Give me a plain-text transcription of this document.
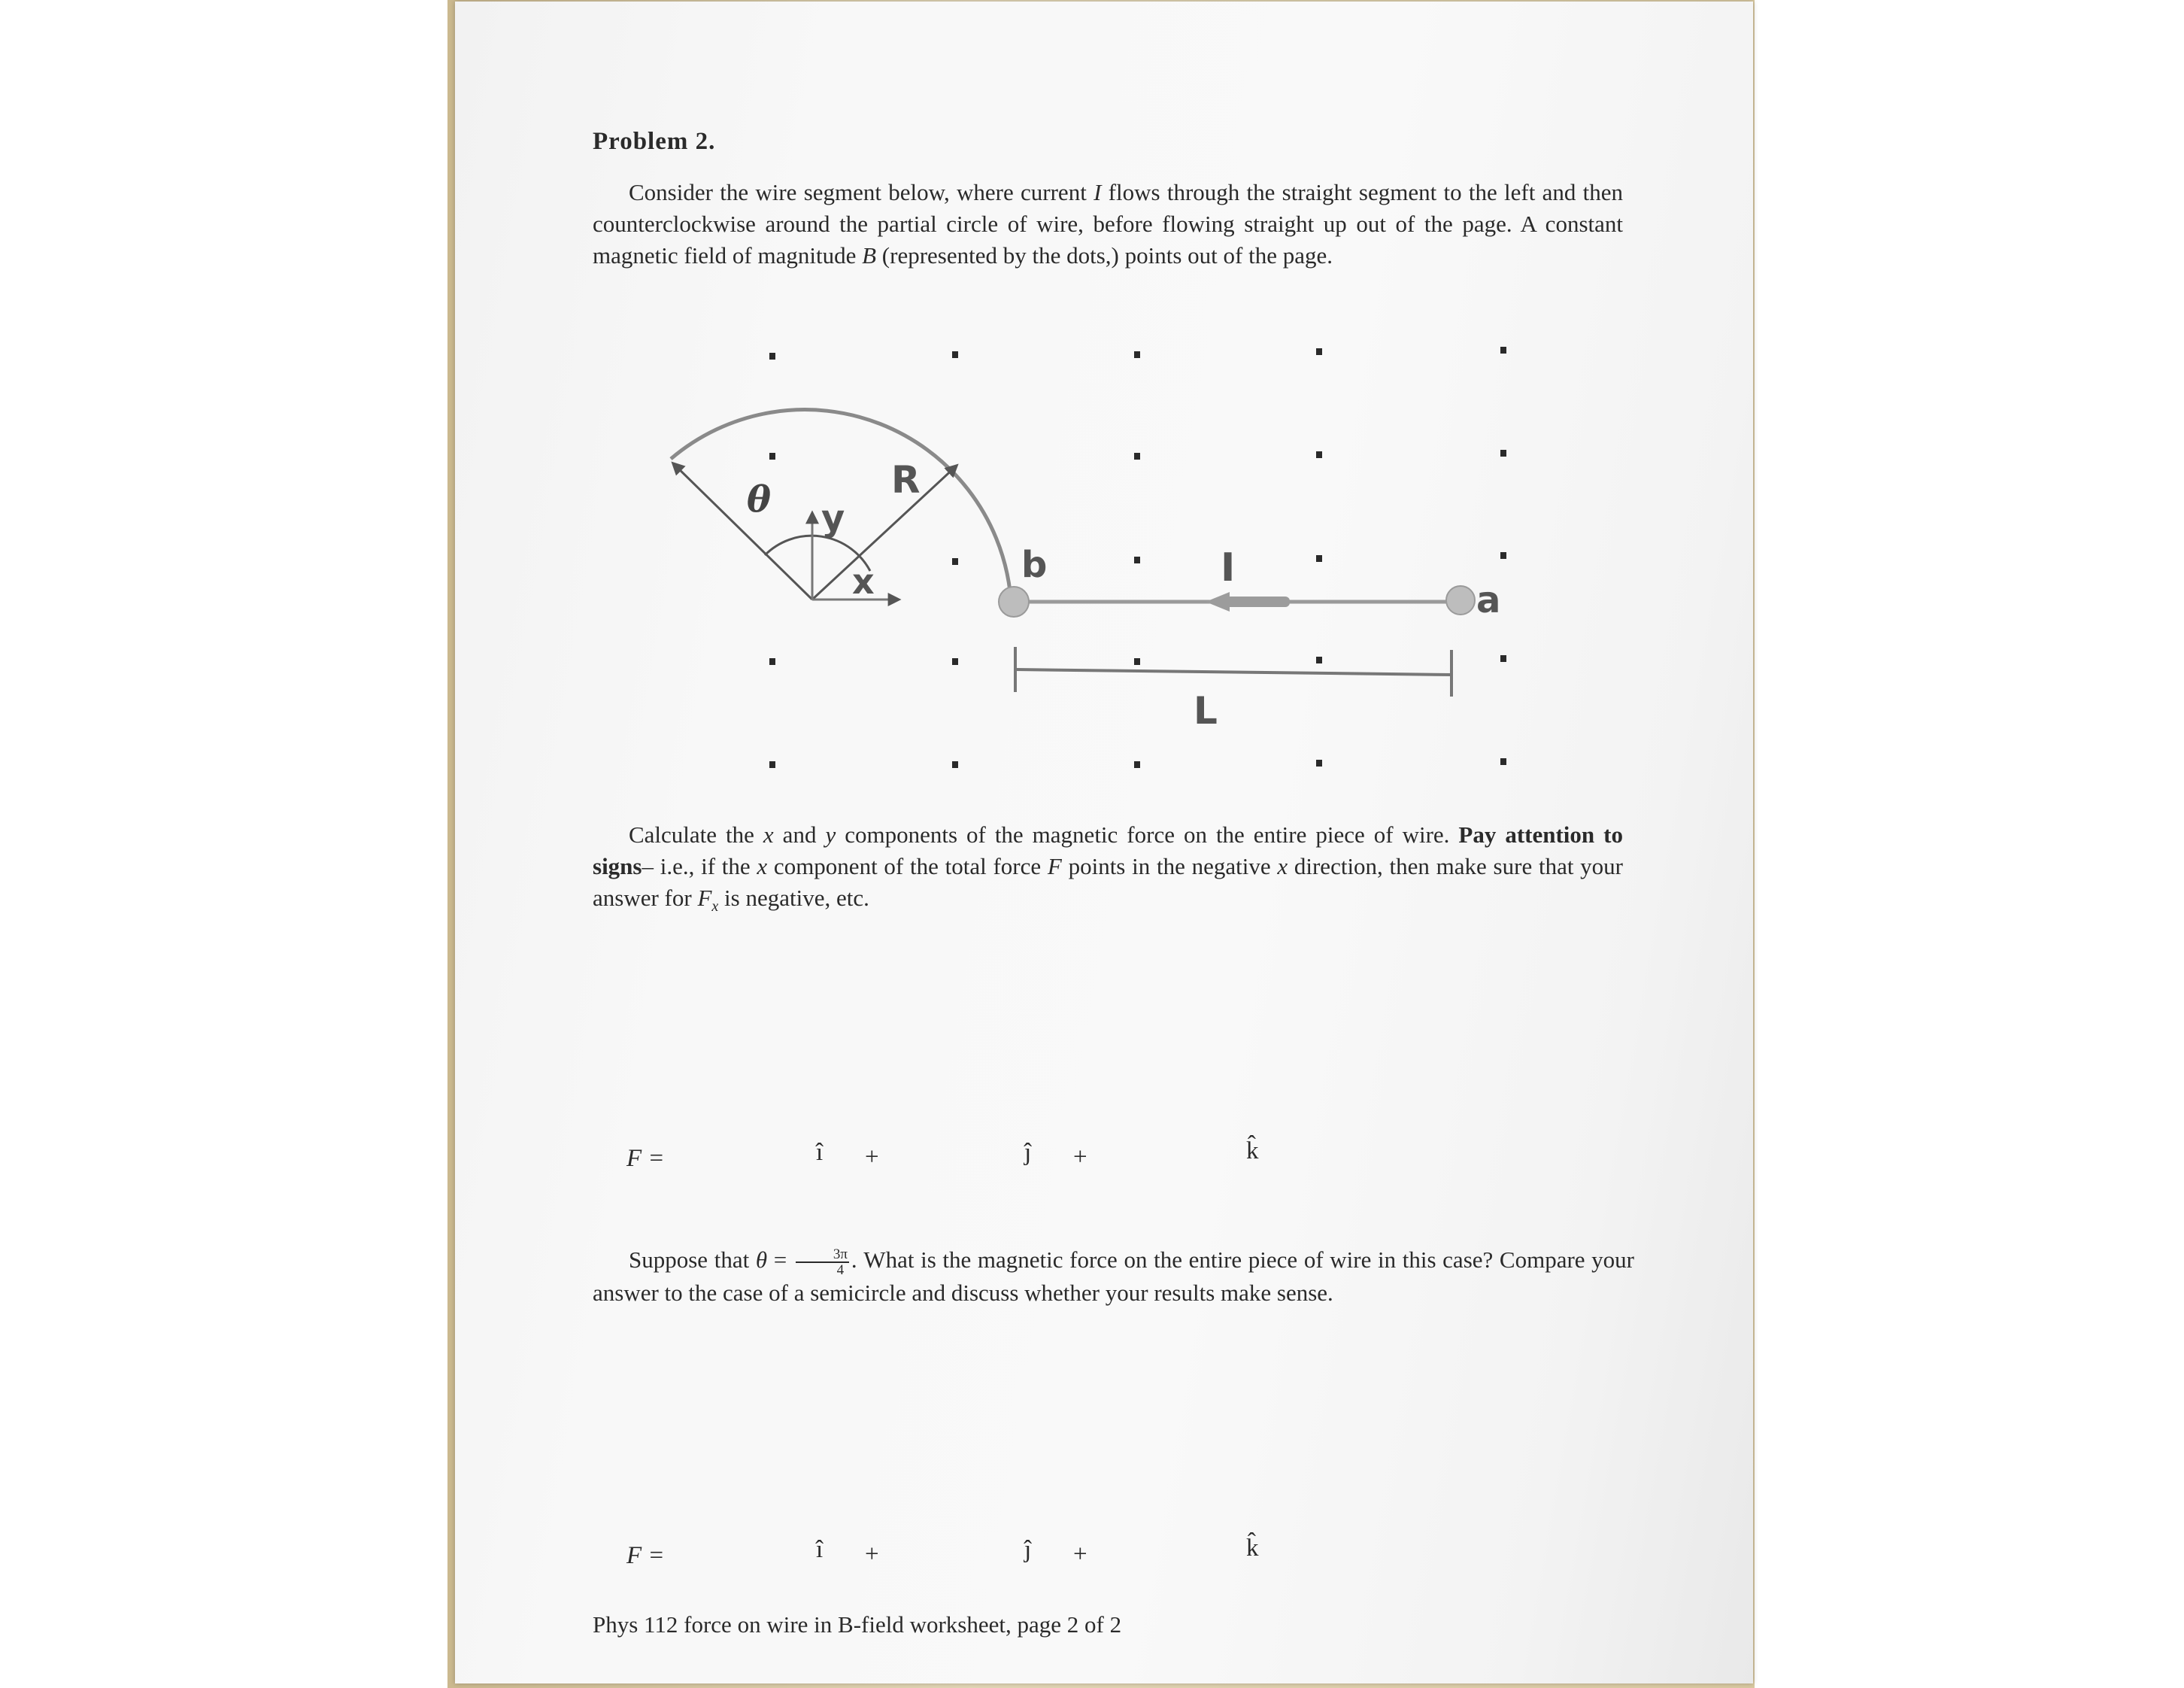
Problem 2.

Consider the wire segment below, where current I flows through the straight segment to the left and then counterclockwise around the partial circle of wire, before flowing straight up out of the page. A constant magnetic field of magnitude B (represented by the dots,) points out of the page.

θ y
x
R
b	I
a
L

Calculate the x and y components of the magnetic force on the entire piece of wire. Pay attention to signs– i.e., if the x component of the total force F points in the negative x direction, then make sure that your answer for $F_x$ is negative, etc.

F =	î +	ĵ +	k̂

Suppose that $\theta = \frac{3\pi}{4}$ . What is the magnetic force on the entire piece of wire in this case? Compare your answer to the case of a semicircle and discuss whether your results make sense.

F =	î +	ĵ +	k̂

Phys 112 force on wire in B-field worksheet, page 2 of 2
